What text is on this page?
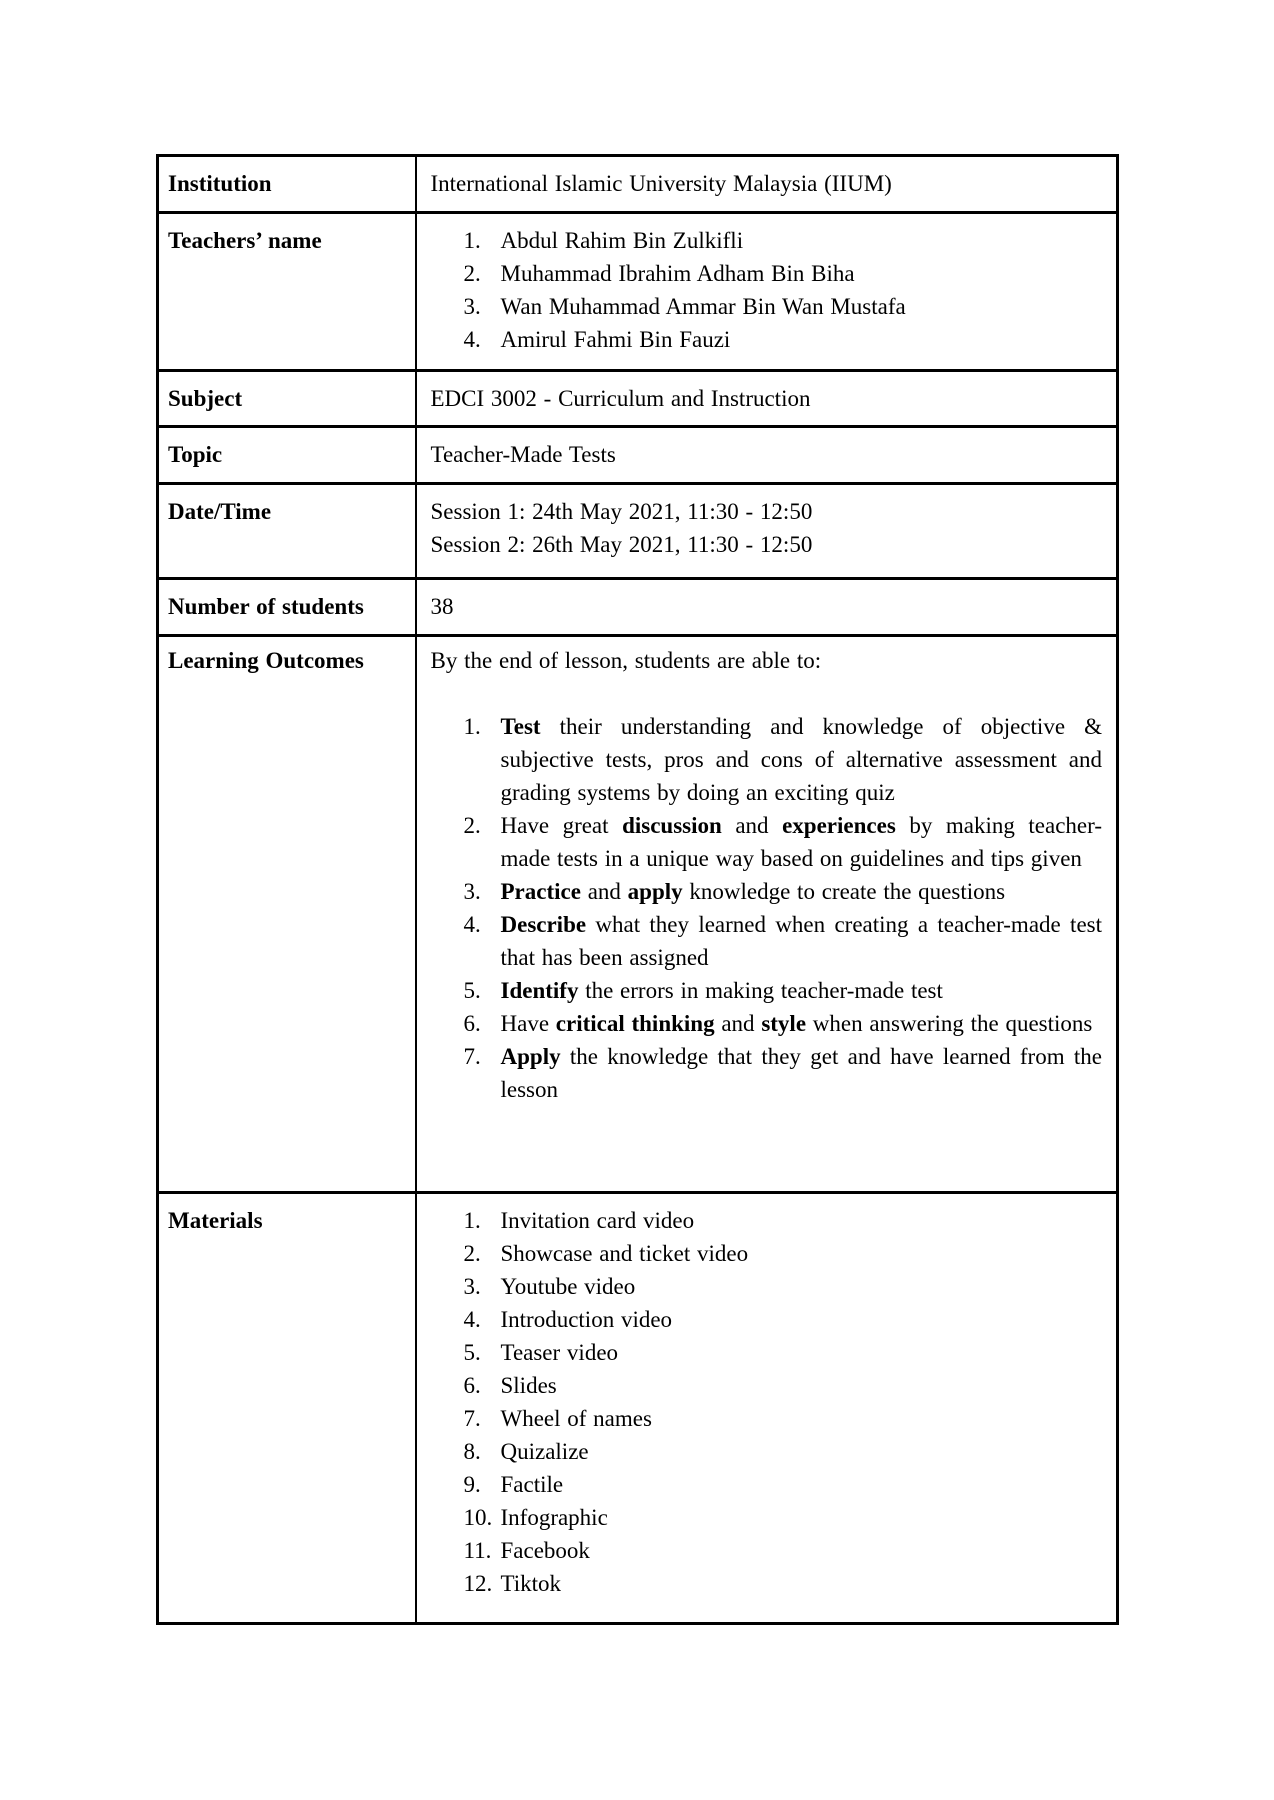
Institution	International Islamic University Malaysia (IIUM)
Teachers’ name	1. Abdul Rahim Bin Zulkifli
2. Muhammad Ibrahim Adham Bin Biha
3. Wan Muhammad Ammar Bin Wan Mustafa
4. Amirul Fahmi Bin Fauzi

Subject	EDCI 3002 - Curriculum and Instruction
Topic	Teacher-Made Tests
Date/Time	Session 1: 24th May 2021, 11:30 - 12:50
Session 2: 26th May 2021, 11:30 - 12:50

Number of students	38
Learning Outcomes	By the end of lesson, students are able to:

1. Test their understanding and knowledge of objective & subjective tests, pros and cons of alternative assessment and grading systems by doing an exciting quiz
2. Have great discussion and experiences by making teacher-made tests in a unique way based on guidelines and tips given
3. Practice and apply knowledge to create the questions
4. Describe what they learned when creating a teacher-made test that has been assigned
5. Identify the errors in making teacher-made test
6. Have critical thinking and style when answering the questions
7. Apply the knowledge that they get and have learned from the lesson

Materials	1. Invitation card video
2. Showcase and ticket video
3. Youtube video
4. Introduction video
5. Teaser video
6. Slides
7. Wheel of names
8. Quizalize
9. Factile
10. Infographic
11. Facebook
12. Tiktok
